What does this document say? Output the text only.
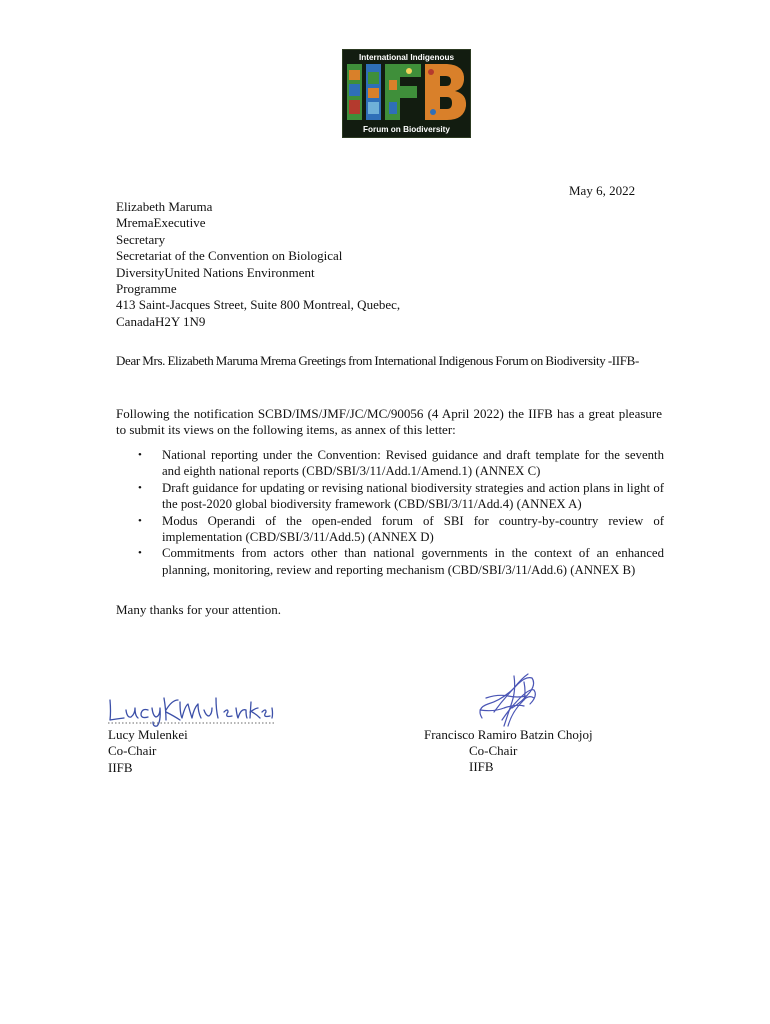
International Indigenous
Forum on Biodiversity
May 6, 2022
Elizabeth Maruma
MremaExecutive
Secretary
Secretariat of the Convention on Biological
DiversityUnited Nations Environment
Programme
413 Saint-Jacques Street, Suite 800 Montreal, Quebec,
CanadaH2Y 1N9
Dear Mrs. Elizabeth Maruma Mrema Greetings from International Indigenous Forum on Biodiversity -IIFB-
Following the notification SCBD/IMS/JMF/JC/MC/90056 (4 April 2022) the IIFB has a great pleasure to submit its views on the following items, as annex of this letter:
• National reporting under the Convention: Revised guidance and draft template for the seventh and eighth national reports (CBD/SBI/3/11/Add.1/Amend.1) (ANNEX C)
• Draft guidance for updating or revising national biodiversity strategies and action plans in light of the post-2020 global biodiversity framework (CBD/SBI/3/11/Add.4) (ANNEX A)
• Modus Operandi of the open-ended forum of SBI for country-by-country review of implementation (CBD/SBI/3/11/Add.5) (ANNEX D)
• Commitments from actors other than national governments in the context of an enhanced planning, monitoring, review and reporting mechanism (CBD/SBI/3/11/Add.6) (ANNEX B)
Many thanks for your attention.
Lucy Mulenkei
Co-Chair
IIFB
Francisco Ramiro Batzin Chojoj
Co-Chair
IIFB
